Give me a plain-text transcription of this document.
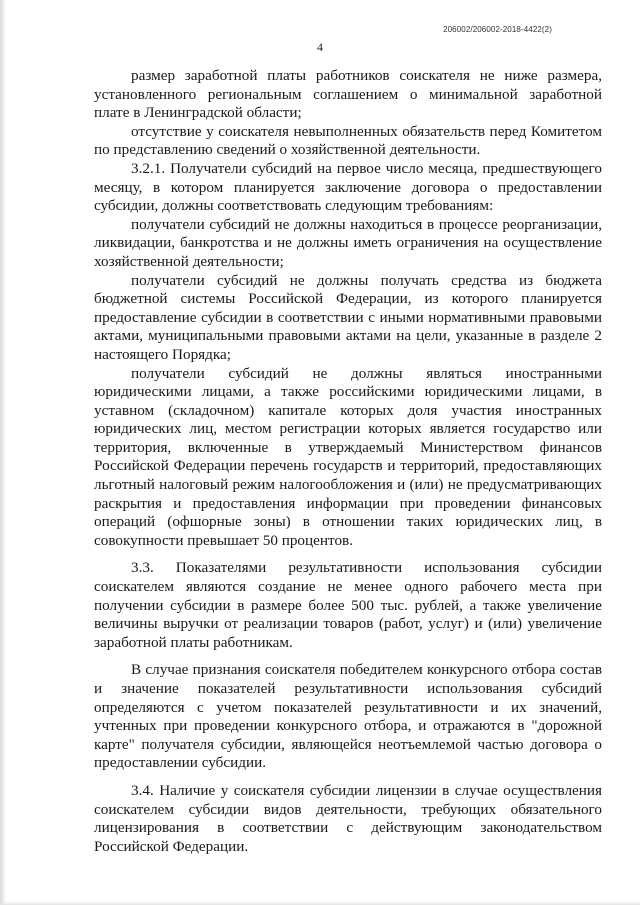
206002/206002-2018-4422(2)
4

размер заработной платы работников соискателя не ниже размера, установленного региональным соглашением о минимальной заработной плате в Ленинградской области;

отсутствие у соискателя невыполненных обязательств перед Комитетом по представлению сведений о хозяйственной деятельности.

3.2.1. Получатели субсидий на первое число месяца, предшествующего месяцу, в котором планируется заключение договора о предоставлении субсидии, должны соответствовать следующим требованиям:

получатели субсидий не должны находиться в процессе реорганизации, ликвидации, банкротства и не должны иметь ограничения на осуществление хозяйственной деятельности;

получатели субсидий не должны получать средства из бюджета бюджетной системы Российской Федерации, из которого планируется предоставление субсидии в соответствии с иными нормативными правовыми актами, муниципальными правовыми актами на цели, указанные в разделе 2 настоящего Порядка;

получатели субсидий не должны являться иностранными юридическими лицами, а также российскими юридическими лицами, в уставном (складочном) капитале которых доля участия иностранных юридических лиц, местом регистрации которых является государство или территория, включенные в утверждаемый Министерством финансов Российской Федерации перечень государств и территорий, предоставляющих льготный налоговый режим налогообложения и (или) не предусматривающих раскрытия и предоставления информации при проведении финансовых операций (офшорные зоны) в отношении таких юридических лиц, в совокупности превышает 50 процентов.

3.3. Показателями результативности использования субсидии соискателем являются создание не менее одного рабочего места при получении субсидии в размере более 500 тыс. рублей, а также увеличение величины выручки от реализации товаров (работ, услуг) и (или) увеличение заработной платы работникам.

В случае признания соискателя победителем конкурсного отбора состав и значение показателей результативности использования субсидий определяются с учетом показателей результативности и их значений, учтенных при проведении конкурсного отбора, и отражаются в "дорожной карте" получателя субсидии, являющейся неотъемлемой частью договора о предоставлении субсидии.

3.4. Наличие у соискателя субсидии лицензии в случае осуществления соискателем субсидии видов деятельности, требующих обязательного лицензирования в соответствии с действующим законодательством Российской Федерации.
